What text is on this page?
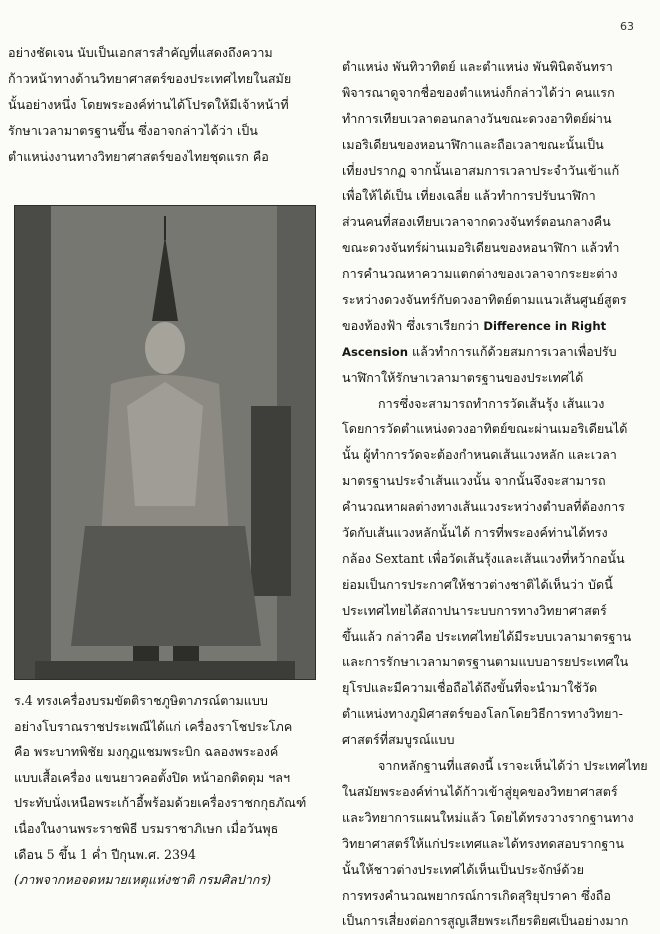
63
อย่างชัดเจน นับเป็นเอกสารสำคัญที่แสดงถึงความ
ก้าวหน้าทางด้านวิทยาศาสตร์ของประเทศไทยในสมัย
นั้นอย่างหนึ่ง โดยพระองค์ท่านได้โปรดให้มีเจ้าหน้าที่
รักษาเวลามาตรฐานขึ้น ซึ่งอาจกล่าวได้ว่า เป็น
ตำแหน่งงานทางวิทยาศาสตร์ของไทยชุดแรก คือ
ร.4 ทรงเครื่องบรมขัตติราชภูษิตาภรณ์ตามแบบ
อย่างโบราณราชประเพณีได้แก่ เครื่องราโชประโภค
คือ พระบาทพิชัย มงกุฎแชมพระบิก ฉลองพระองค์
แบบเสื้อเครื่อง แขนยาวคอตั้งปิด หน้าอกติดดุม ฯลฯ
ประทับนั่งเหนือพระเก้าอี้พร้อมด้วยเครื่องราชกกุธภัณฑ์
เนื่องในงานพระราชพิธี บรมราชาภิเษก เมื่อวันพุธ
เดือน 5 ขึ้น 1 ค่ำ ปีกุนพ.ศ. 2394
(ภาพจากหอจดหมายเหตุแห่งชาติ กรมศิลปากร)
ตำแหน่ง พันทิวาทิตย์ และตำแหน่ง พันพินิตจันทรา
พิจารณาดูจากชื่อของตำแหน่งก็กล่าวได้ว่า คนแรก
ทำการเทียบเวลาตอนกลางวันขณะดวงอาทิตย์ผ่าน
เมอริเดียนของหอนาฬิกาและถือเวลาขณะนั้นเป็น
เที่ยงปรากฏ จากนั้นเอาสมการเวลาประจำวันเข้าแก้
เพื่อให้ได้เป็น เที่ยงเฉลี่ย แล้วทำการปรับนาฬิกา
ส่วนคนที่สองเทียบเวลาจากดวงจันทร์ตอนกลางคืน
ขณะดวงจันทร์ผ่านเมอริเดียนของหอนาฬิกา แล้วทำ
การคำนวณหาความแตกต่างของเวลาจากระยะต่าง
ระหว่างดวงจันทร์กับดวงอาทิตย์ตามแนวเส้นศูนย์สูตร
ของท้องฟ้า ซึ่งเราเรียกว่า Difference in Right
Ascension แล้วทำการแก้ด้วยสมการเวลาเพื่อปรับ
นาฬิกาให้รักษาเวลามาตรฐานของประเทศได้
การซึ่งจะสามารถทำการวัดเส้นรุ้ง เส้นแวง
โดยการวัดตำแหน่งดวงอาทิตย์ขณะผ่านเมอริเดียนได้
นั้น ผู้ทำการวัดจะต้องกำหนดเส้นแวงหลัก และเวลา
มาตรฐานประจำเส้นแวงนั้น จากนั้นจึงจะสามารถ
คำนวณหาผลต่างทางเส้นแวงระหว่างตำบลที่ต้องการ
วัดกับเส้นแวงหลักนั้นได้ การที่พระองค์ท่านได้ทรง
กล้อง Sextant เพื่อวัดเส้นรุ้งและเส้นแวงที่หว้ากอนั้น
ย่อมเป็นการประกาศให้ชาวต่างชาติได้เห็นว่า บัดนี้
ประเทศไทยได้สถาปนาระบบการทางวิทยาศาสตร์
ขึ้นแล้ว กล่าวคือ ประเทศไทยได้มีระบบเวลามาตรฐาน
และการรักษาเวลามาตรฐานตามแบบอารยประเทศใน
ยุโรปและมีความเชื่อถือได้ถึงขั้นที่จะนำมาใช้วัด
ตำแหน่งทางภูมิศาสตร์ของโลกโดยวิธีการทางวิทยา-
ศาสตร์ที่สมบูรณ์แบบ
จากหลักฐานที่แสดงนี้ เราจะเห็นได้ว่า ประเทศไทย
ในสมัยพระองค์ท่านได้ก้าวเข้าสู่ยุคของวิทยาศาสตร์
และวิทยาการแผนใหม่แล้ว โดยได้ทรงวางรากฐานทาง
วิทยาศาสตร์ให้แก่ประเทศและได้ทรงทดสอบรากฐาน
นั้นให้ชาวต่างประเทศได้เห็นเป็นประจักษ์ด้วย
การทรงคำนวณพยากรณ์การเกิดสุริยุปราคา ซึ่งถือ
เป็นการเสี่ยงต่อการสูญเสียพระเกียรติยศเป็นอย่างมาก
